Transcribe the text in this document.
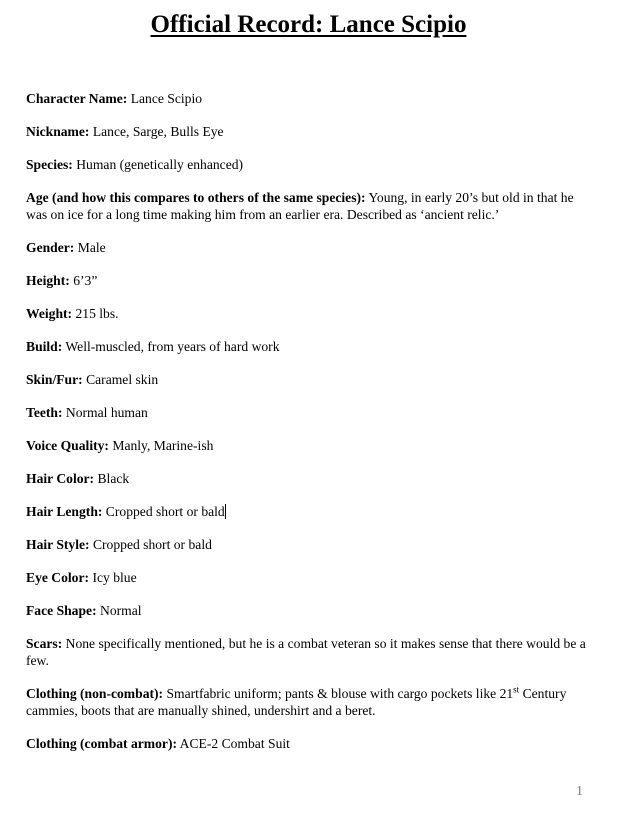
Official Record: Lance Scipio

Character Name: Lance Scipio

Nickname: Lance, Sarge, Bulls Eye

Species: Human (genetically enhanced)

Age (and how this compares to others of the same species): Young, in early 20’s but old in that he was on ice for a long time making him from an earlier era. Described as ‘ancient relic.’

Gender: Male

Height: 6’3”

Weight: 215 lbs.

Build: Well-muscled, from years of hard work

Skin/Fur: Caramel skin

Teeth: Normal human

Voice Quality: Manly, Marine-ish

Hair Color: Black

Hair Length: Cropped short or bald

Hair Style: Cropped short or bald

Eye Color: Icy blue

Face Shape: Normal

Scars: None specifically mentioned, but he is a combat veteran so it makes sense that there would be a few.

Clothing (non-combat): Smartfabric uniform; pants & blouse with cargo pockets like 21st Century cammies, boots that are manually shined, undershirt and a beret.

Clothing (combat armor): ACE-2 Combat Suit

1
